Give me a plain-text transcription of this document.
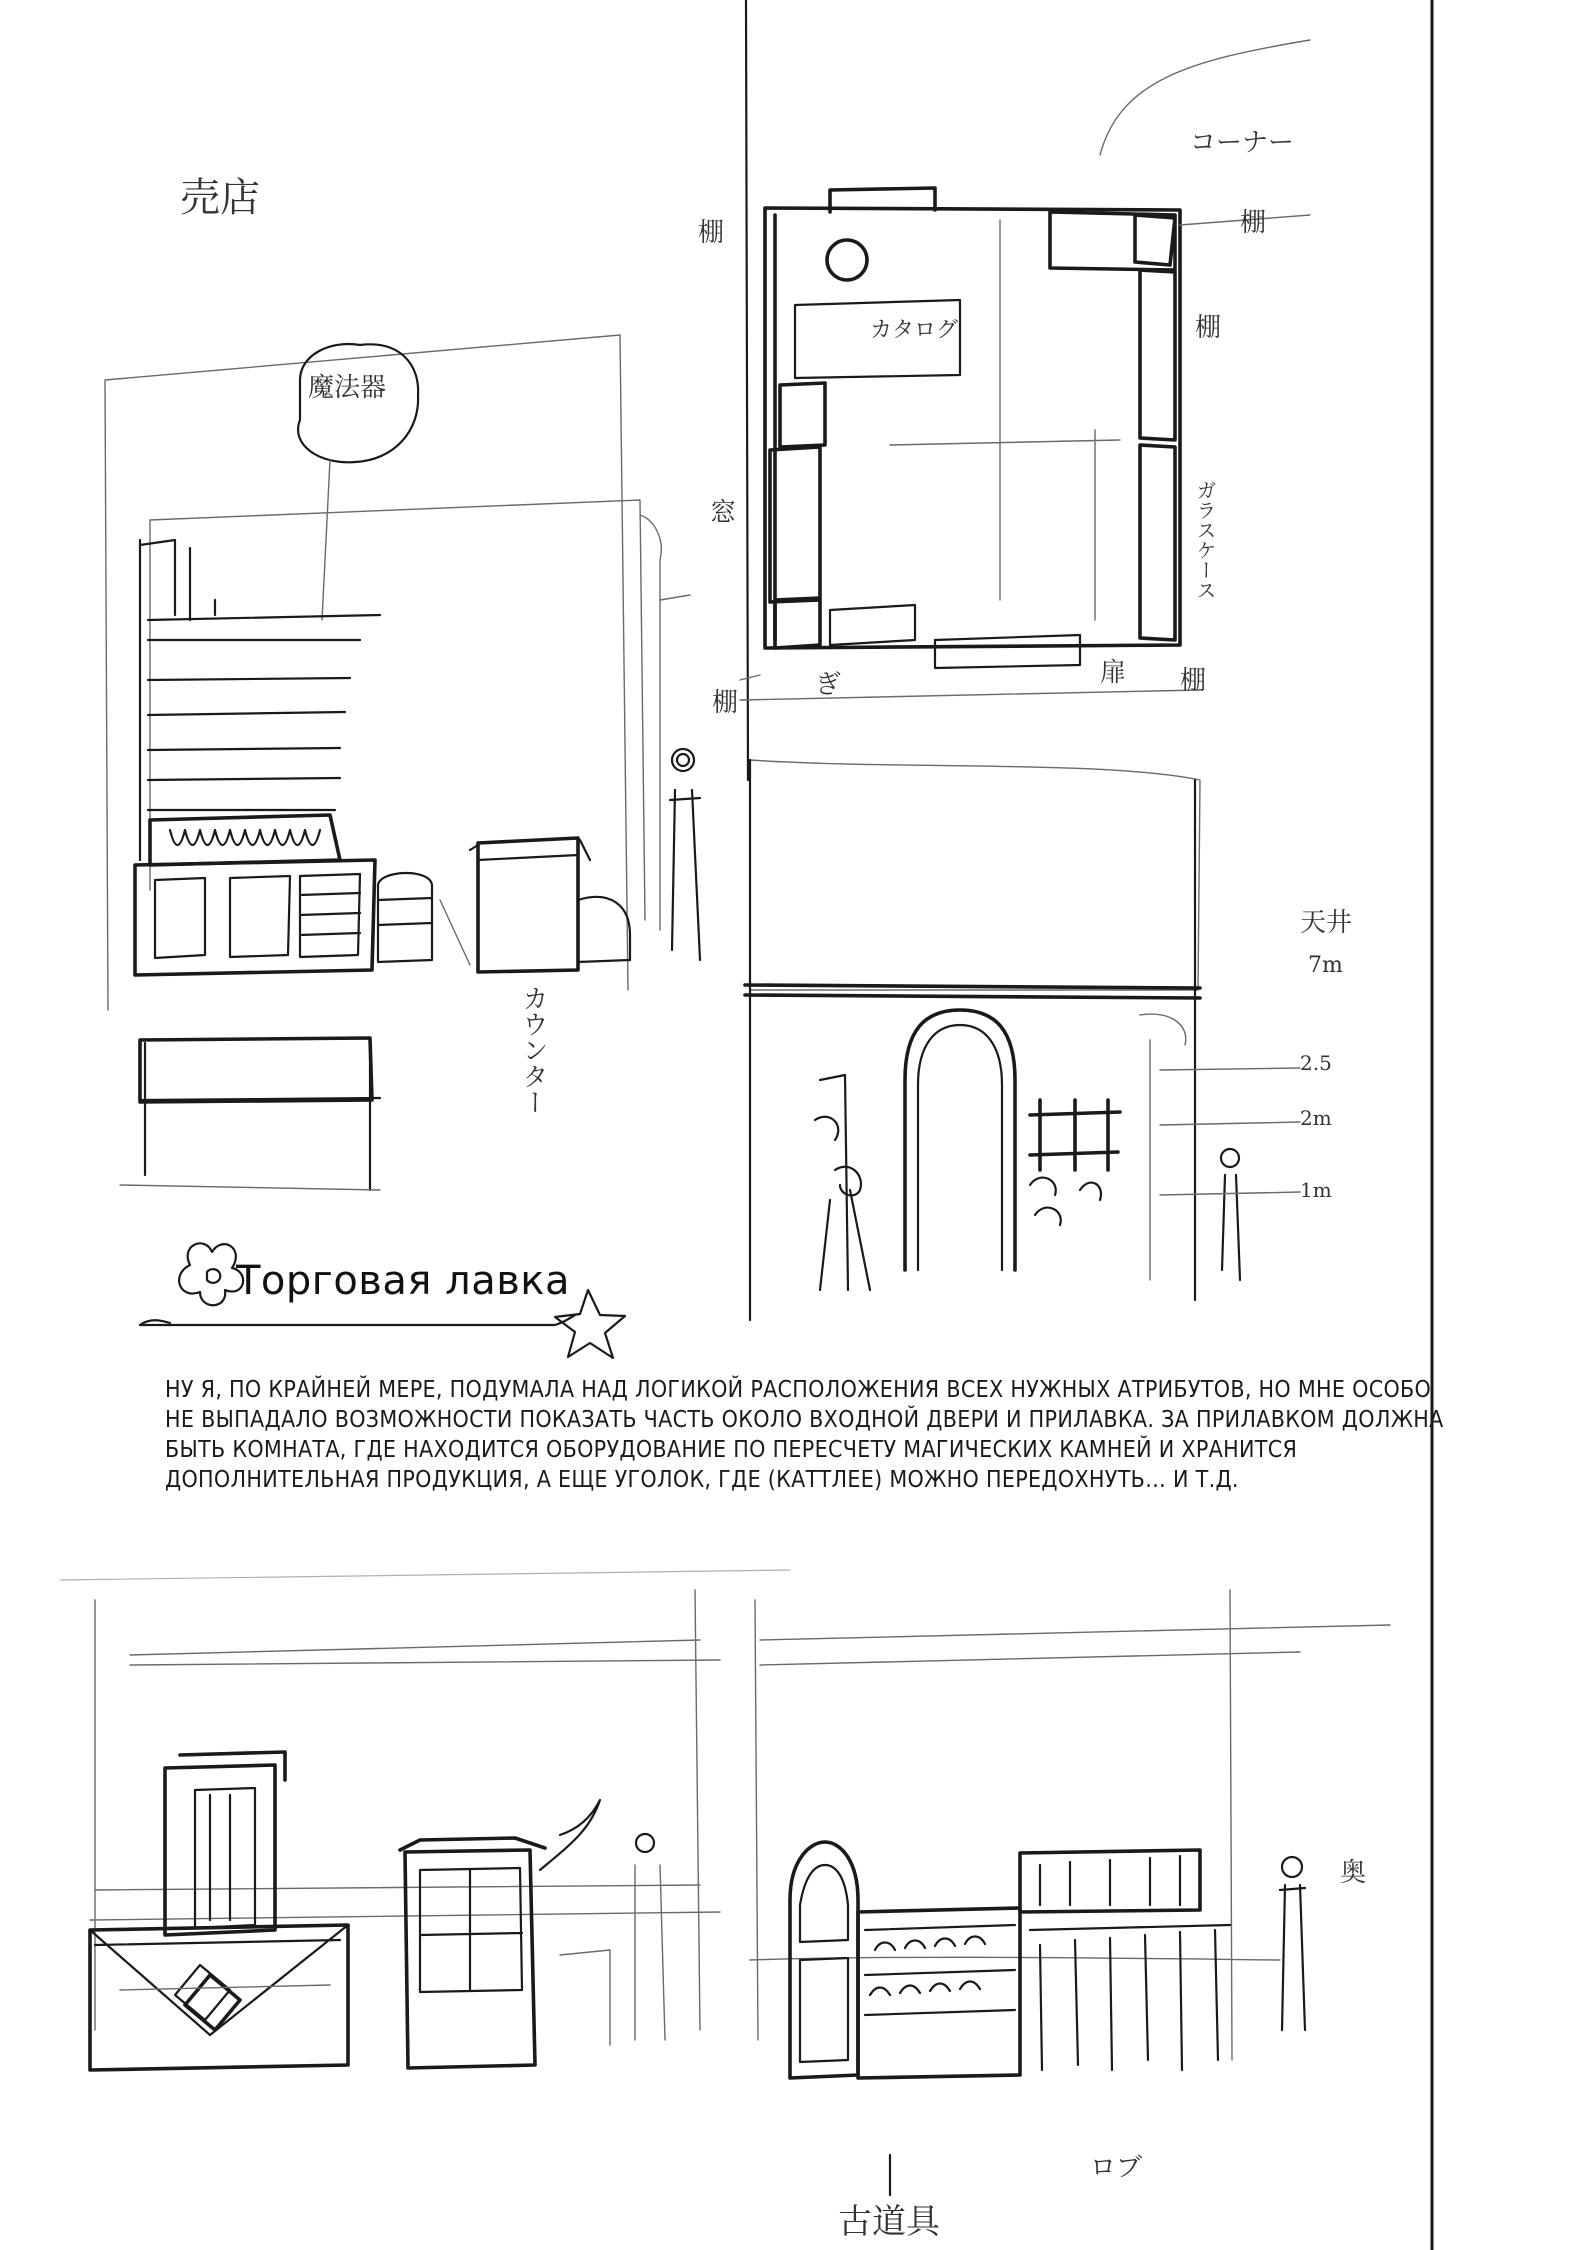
売店
魔法器
カウンター
コーナー
カタログ
棚
窓
棚
棚
棚
ガラスケース
ぎ	扉 棚
天井
7m
2.5
2m
1m
古道具
奥
ロブ
Торговая лавка

НУ Я, ПО КРАЙНЕЙ МЕРЕ, ПОДУМАЛА НАД ЛОГИКОЙ РАСПОЛОЖЕНИЯ ВСЕХ НУЖНЫХ АТРИБУТОВ, НО МНЕ ОСОБО НЕ ВЫПАДАЛО ВОЗМОЖНОСТИ ПОКАЗАТЬ ЧАСТЬ ОКОЛО ВХОДНОЙ ДВЕРИ И ПРИЛАВКА. ЗА ПРИЛАВКОМ ДОЛЖНА БЫТЬ КОМНАТА, ГДЕ НАХОДИТСЯ ОБОРУДОВАНИЕ ПО ПЕРЕСЧЕТУ МАГИЧЕСКИХ КАМНЕЙ И ХРАНИТСЯ ДОПОЛНИТЕЛЬНАЯ ПРОДУКЦИЯ, А ЕЩЕ УГОЛОК, ГДЕ (КАТТЛЕЕ) МОЖНО ПЕРЕДОХНУТЬ… И Т.Д.
